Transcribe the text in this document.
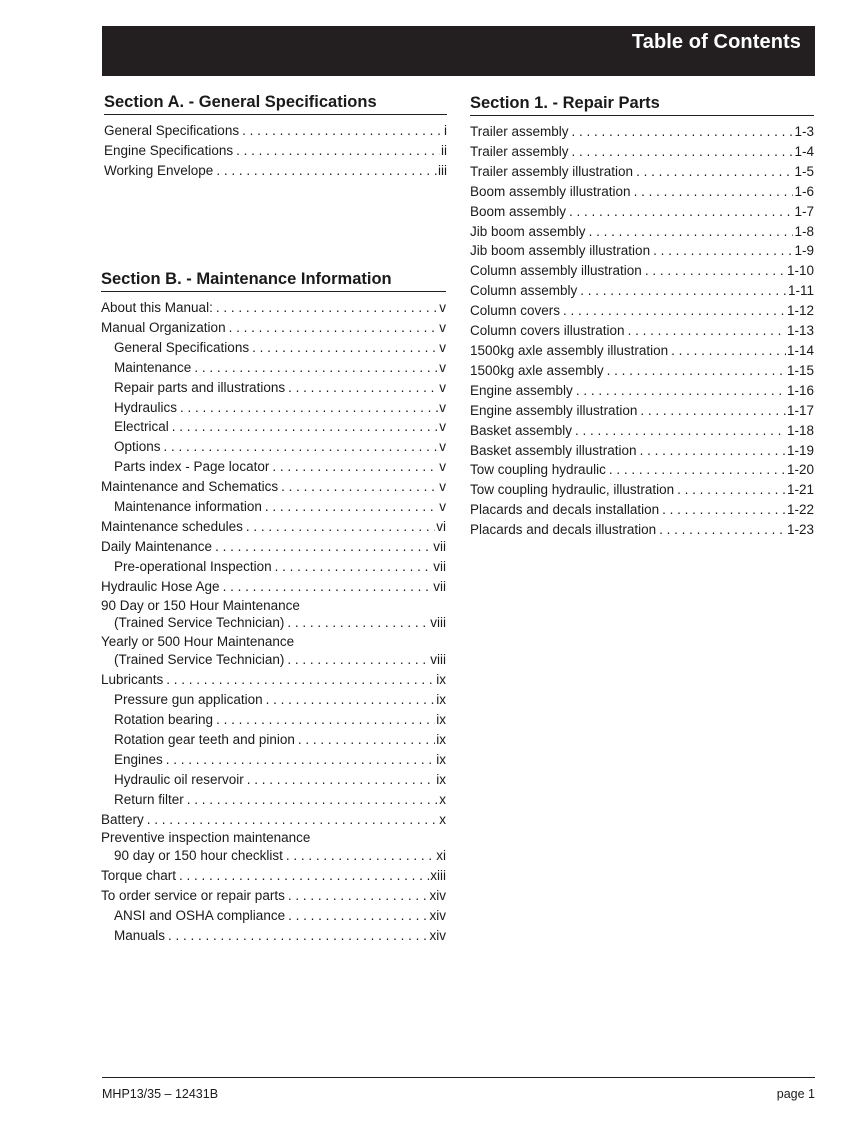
Table of Contents
Section A. - General Specifications
General Specifications . . .	i
Engine Specifications . . .	ii
Working Envelope . . .	iii
Section B. - Maintenance Information
About this Manual: . . .	v
Manual Organization . . .	v
General Specifications . . .	v
Maintenance . . .	v
Repair parts and illustrations . . .	v
Hydraulics . . .	v
Electrical . . .	v
Options . . .	v
Parts index - Page locator . . .	v
Maintenance and Schematics . . .	v
Maintenance information . . .	v
Maintenance schedules . . .	vi
Daily Maintenance . . .	vii
Pre-operational Inspection . . .	vii
Hydraulic Hose Age . . .	vii
90 Day or 150 Hour Maintenance
(Trained Service Technician) . . .	viii
Yearly or 500 Hour Maintenance
(Trained Service Technician) . . .	viii
Lubricants . . .	ix
Pressure gun application . . .	ix
Rotation bearing . . .	ix
Rotation gear teeth and pinion . . .	ix
Engines . . .	ix
Hydraulic oil reservoir . . .	ix
Return filter . . .	x
Battery . . .	x
Preventive inspection maintenance
90 day or 150 hour checklist . . .	xi
Torque chart . . .	xiii
To order service or repair parts . . .	xiv
ANSI and OSHA compliance . . .	xiv
Manuals . . .	xiv
Section 1. - Repair Parts
Trailer assembly . . .	1-3
Trailer assembly . . .	1-4
Trailer assembly illustration . . .	1-5
Boom assembly illustration . . .	1-6
Boom assembly . . .	1-7
Jib boom assembly . . .	1-8
Jib boom assembly illustration . . .	1-9
Column assembly illustration . . .	1-10
Column assembly . . .	1-11
Column covers . . .	1-12
Column covers illustration . . .	1-13
1500kg axle assembly illustration . . .	1-14
1500kg axle assembly . . .	1-15
Engine assembly . . .	1-16
Engine assembly illustration . . .	1-17
Basket assembly . . .	1-18
Basket assembly illustration . . .	1-19
Tow coupling hydraulic . . .	1-20
Tow coupling hydraulic, illustration . . .	1-21
Placards and decals installation . . .	1-22
Placards and decals illustration . . .	1-23
MHP13/35 – 12431B	page 1
